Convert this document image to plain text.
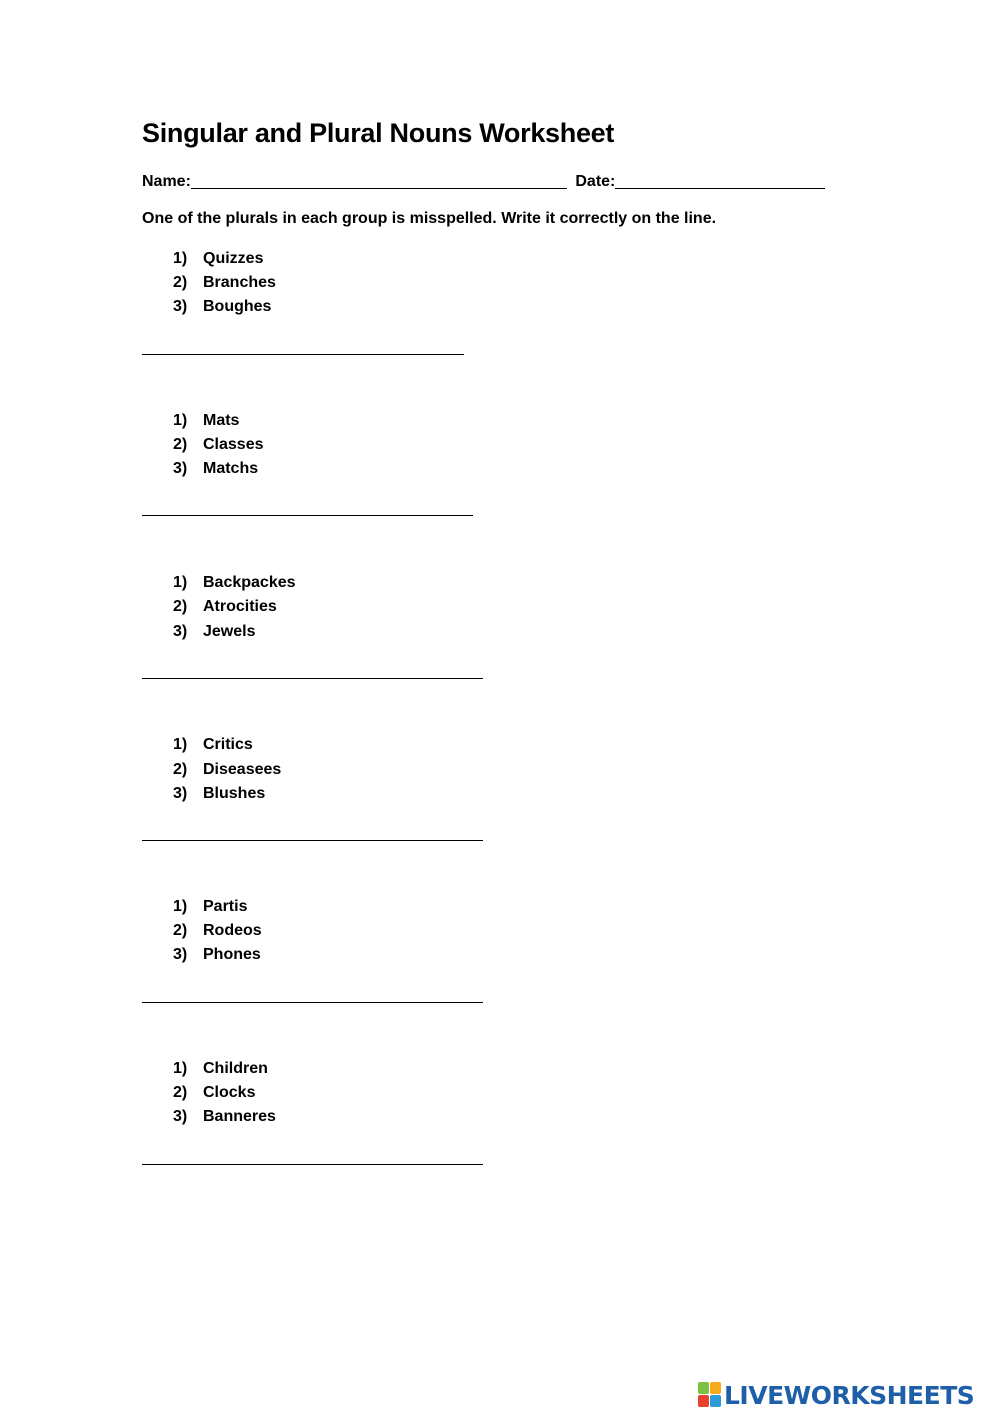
Singular and Plural Nouns Worksheet
Name:	Date:
One of the plurals in each group is misspelled. Write it correctly on the line.
1) Quizzes
2) Branches
3) Boughes
1) Mats
2) Classes
3) Matchs
1) Backpackes
2) Atrocities
3) Jewels
1) Critics
2) Diseasees
3) Blushes
1) Partis
2) Rodeos
3) Phones
1) Children
2) Clocks
3) Banneres
LIVEWORKSHEETS
